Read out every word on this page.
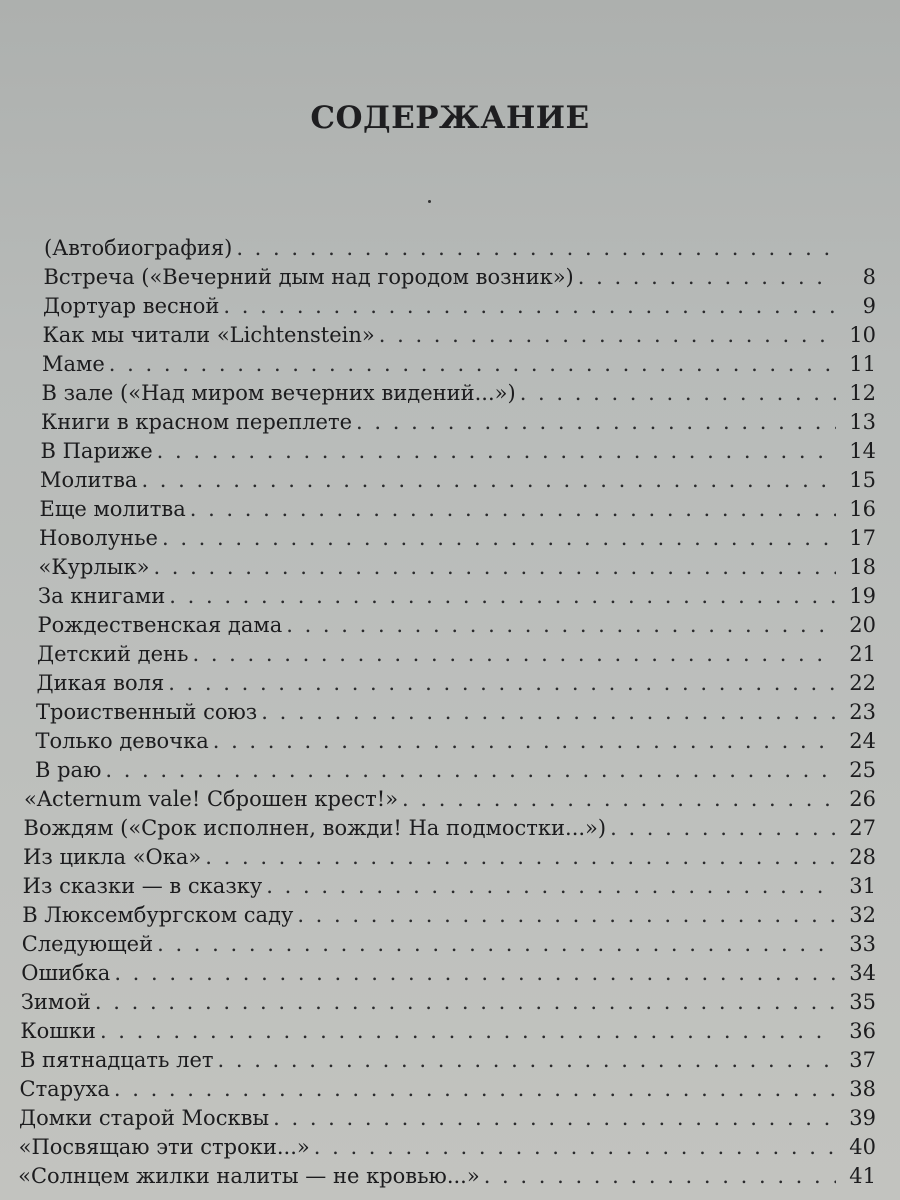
СОДЕРЖАНИЕ
(Автобиография)
. . .
Встреча («Вечерний дым над городом возник») . . .	8
Дортуар весной . . .	9
Как мы читали «Lichtenstein» . . .	10
Маме . . .	11
В зале («Над миром вечерних видений...») . . .	12
Книги в красном переплете . . .	13
В Париже . . .	14
Молитва . . .	15
Еще молитва . . .	16
Новолунье . . .	17
«Курлык» . . .	18
За книгами . . .	19
Рождественская дама . . .	20
Детский день . . .	21
Дикая воля . . .	22
Троиственный союз . . .	23
Только девочка . . .	24
В раю . . .	25
«Acternum vale! Сброшен крест!» . . .	26
Вождям («Срок исполнен, вожди! На подмостки...») . . .	27
Из цикла «Ока» . . .	28
Из сказки — в сказку . . .	31
В Люксембургском саду . . .	32
Следующей . . .	33
Ошибка . . .	34
Зимой . . .	35
Кошки . . .	36
В пятнадцать лет . . .	37
Старуха . . .	38
Домки старой Москвы . . .	39
«Посвящаю эти строки...» . . .	40
«Солнцем жилки налиты — не кровью...» . . .	41
